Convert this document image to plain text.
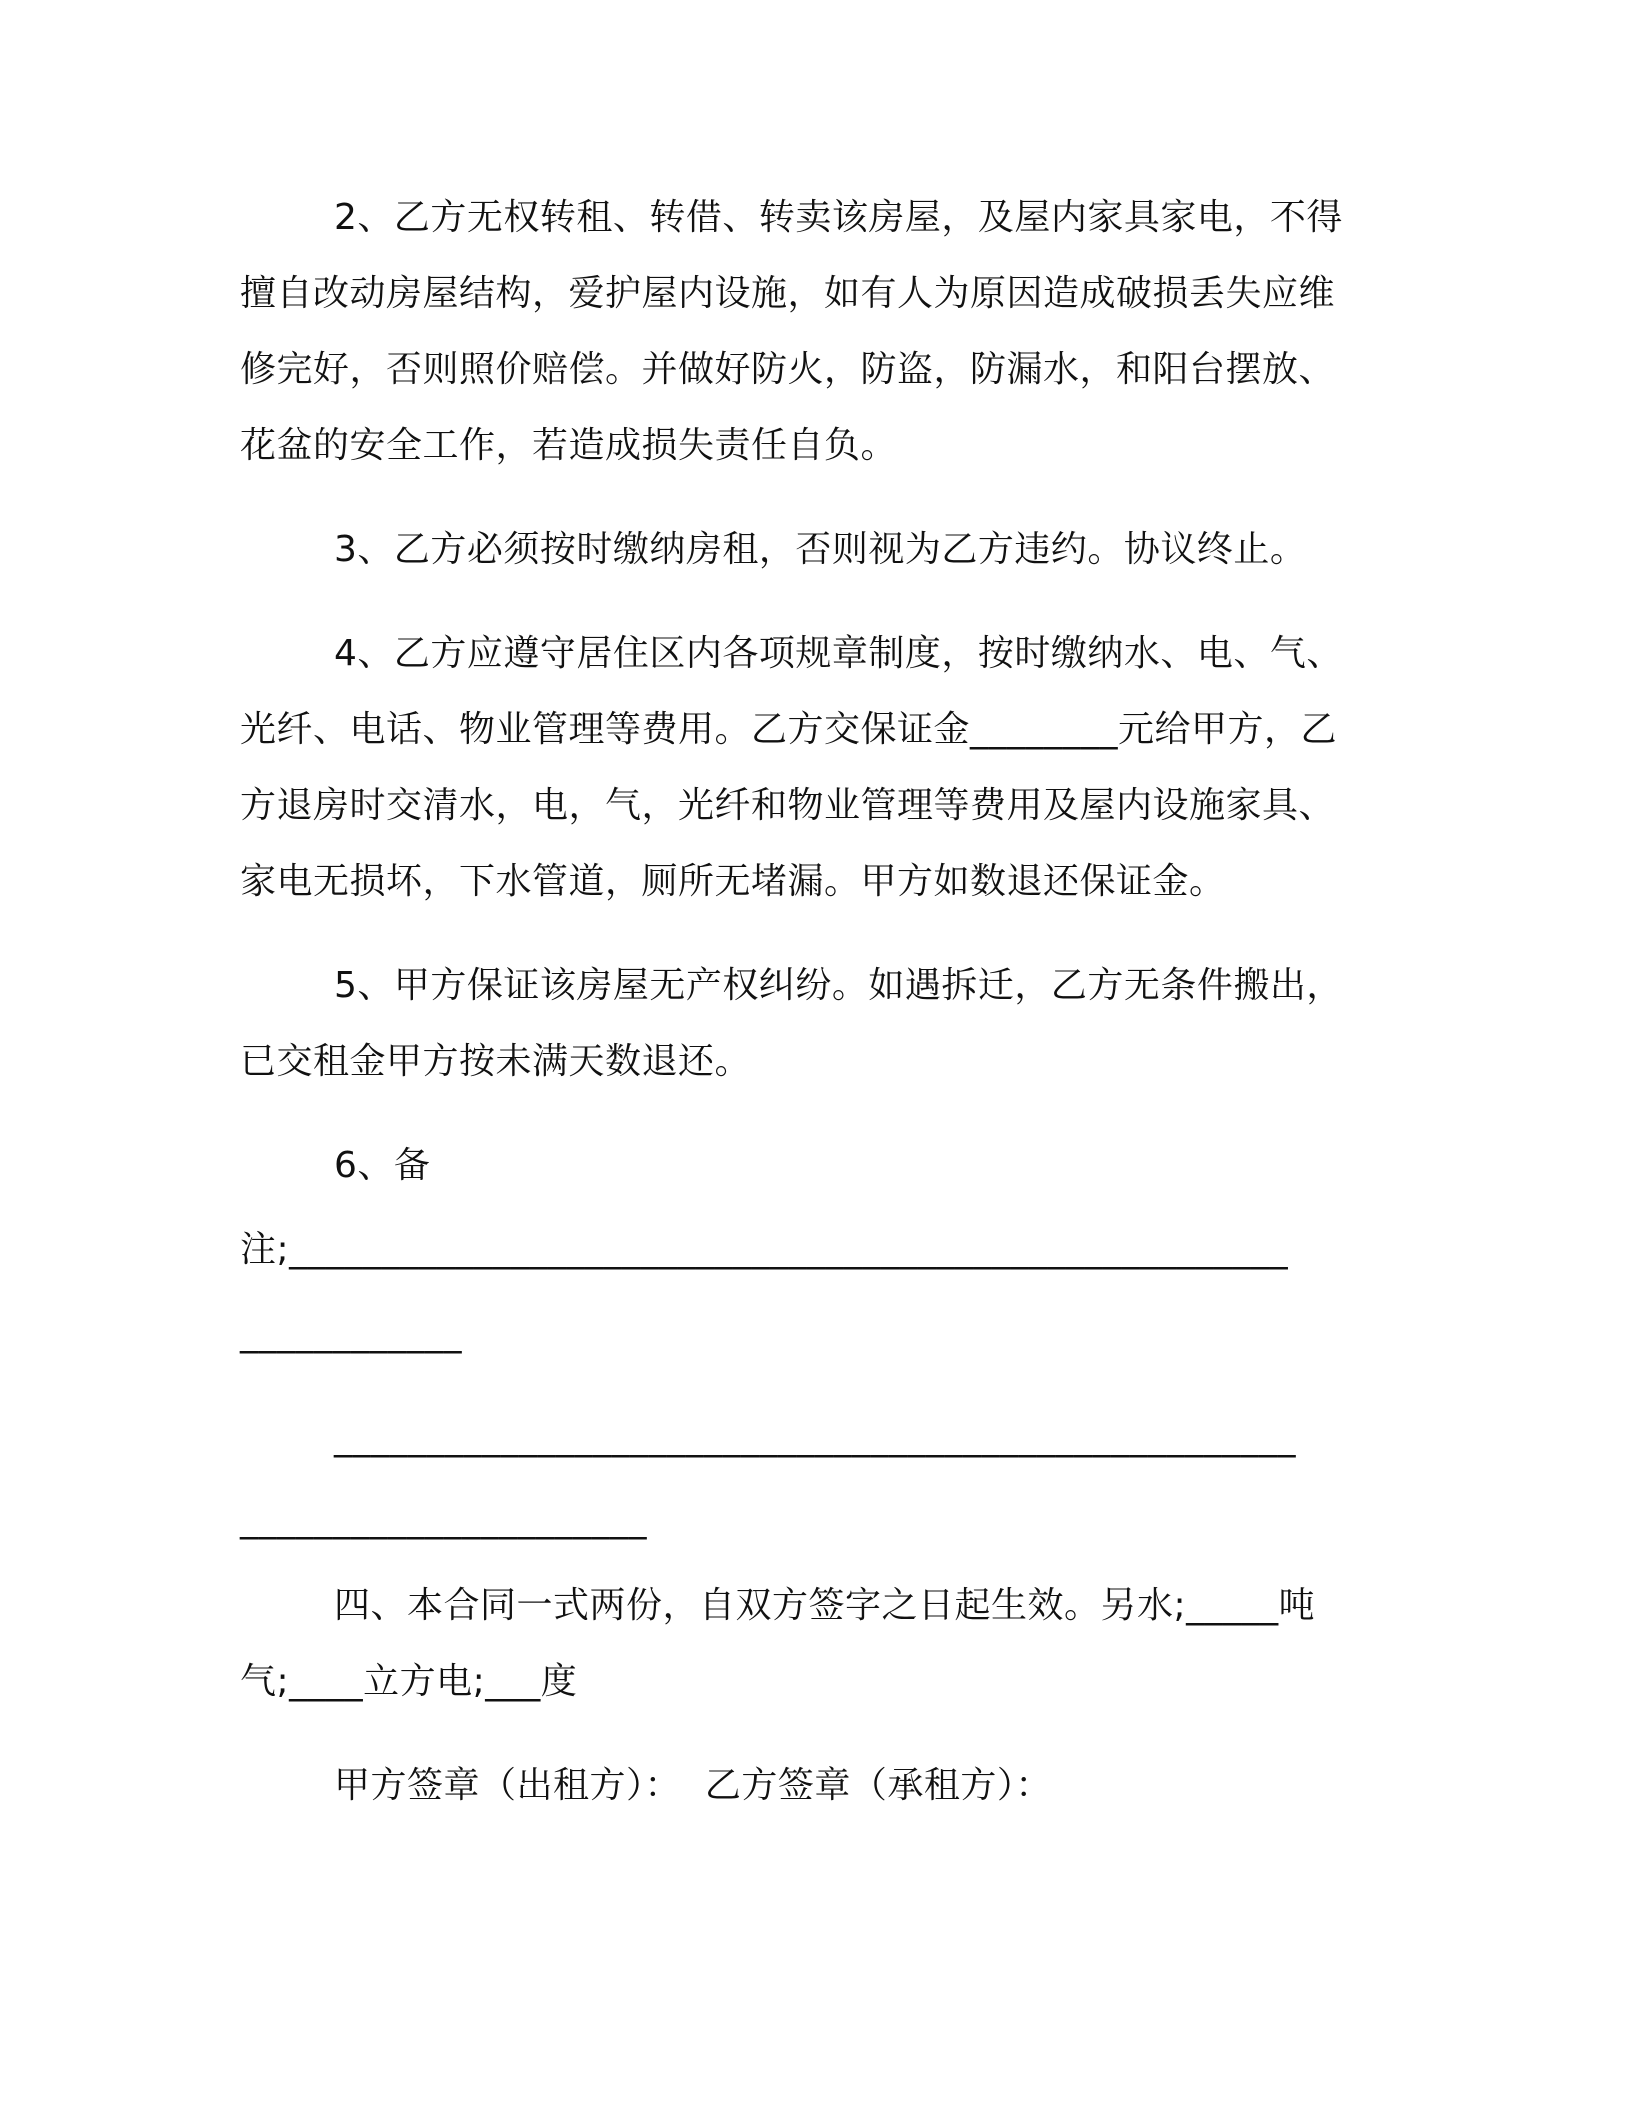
2、乙方无权转租、转借、转卖该房屋，及屋内家具家电，不得
擅自改动房屋结构，爱护屋内设施，如有人为原因造成破损丢失应维
修完好，否则照价赔偿。并做好防火，防盗，防漏水，和阳台摆放、
花盆的安全工作，若造成损失责任自负。
3、乙方必须按时缴纳房租，否则视为乙方违约。协议终止。
4、乙方应遵守居住区内各项规章制度，按时缴纳水、电、气、
光纤、电话、物业管理等费用。乙方交保证金________元给甲方，乙
方退房时交清水，电，气，光纤和物业管理等费用及屋内设施家具、
家电无损坏，下水管道，厕所无堵漏。甲方如数退还保证金。
5、甲方保证该房屋无产权纠纷。如遇拆迁，乙方无条件搬出，
已交租金甲方按未满天数退还。
6、备
注;______________________________________________________
____________
____________________________________________________
______________________
四、本合同一式两份，自双方签字之日起生效。另水;_____吨
气;____立方电;___度
甲方签章（出租方）：  乙方签章（承租方）：
